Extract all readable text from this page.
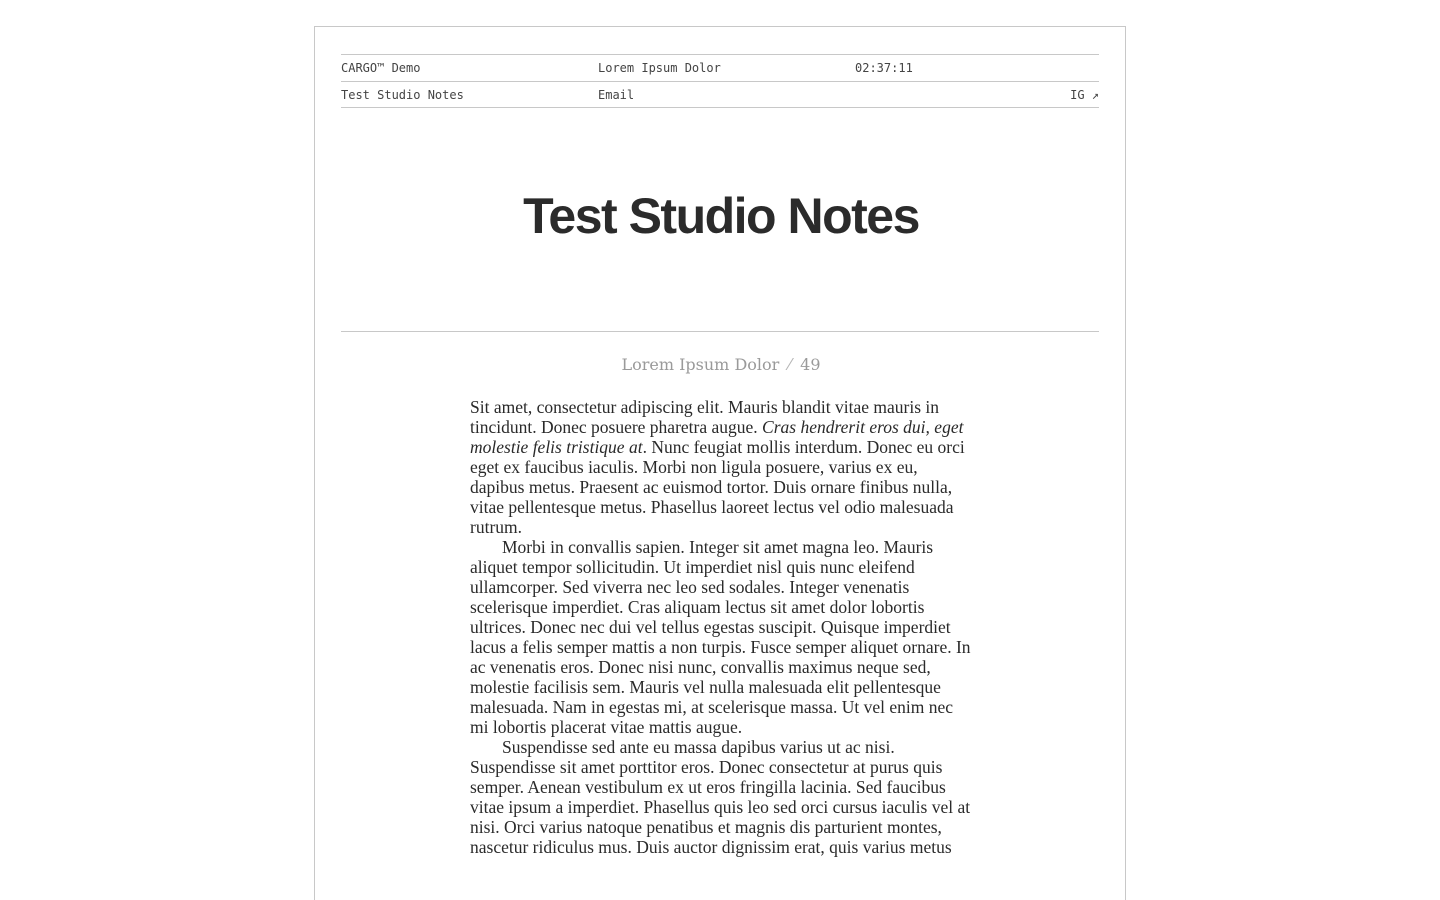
CARGO™ Demo	Lorem Ipsum Dolor	02:37:11
Test Studio Notes	Email	IG ↗
Test Studio Notes
Lorem Ipsum Dolor ⁄ 49

Sit amet, consectetur adipiscing elit. Mauris blandit vitae mauris in tincidunt. Donec posuere pharetra augue. Cras hendrerit eros dui, eget molestie felis tristique at. Nunc feugiat mollis interdum. Donec eu orci eget ex faucibus iaculis. Morbi non ligula posuere, varius ex eu, dapibus metus. Praesent ac euismod tortor. Duis ornare finibus nulla, vitae pellentesque metus. Phasellus laoreet lectus vel odio malesuada rutrum.

Morbi in convallis sapien. Integer sit amet magna leo. Mauris aliquet tempor sollicitudin. Ut imperdiet nisl quis nunc eleifend ullamcorper. Sed viverra nec leo sed sodales. Integer venenatis scelerisque imperdiet. Cras aliquam lectus sit amet dolor lobortis ultrices. Donec nec dui vel tellus egestas suscipit. Quisque imperdiet lacus a felis semper mattis a non turpis. Fusce semper aliquet ornare. In ac venenatis eros. Donec nisi nunc, convallis maximus neque sed, molestie facilisis sem. Mauris vel nulla malesuada elit pellentesque malesuada. Nam in egestas mi, at scelerisque massa. Ut vel enim nec mi lobortis placerat vitae mattis augue.

Suspendisse sed ante eu massa dapibus varius ut ac nisi. Suspendisse sit amet porttitor eros. Donec consectetur at purus quis semper. Aenean vestibulum ex ut eros fringilla lacinia. Sed faucibus vitae ipsum a imperdiet. Phasellus quis leo sed orci cursus iaculis vel at nisi. Orci varius natoque penatibus et magnis dis parturient montes, nascetur ridiculus mus. Duis auctor dignissim erat, quis varius metus
